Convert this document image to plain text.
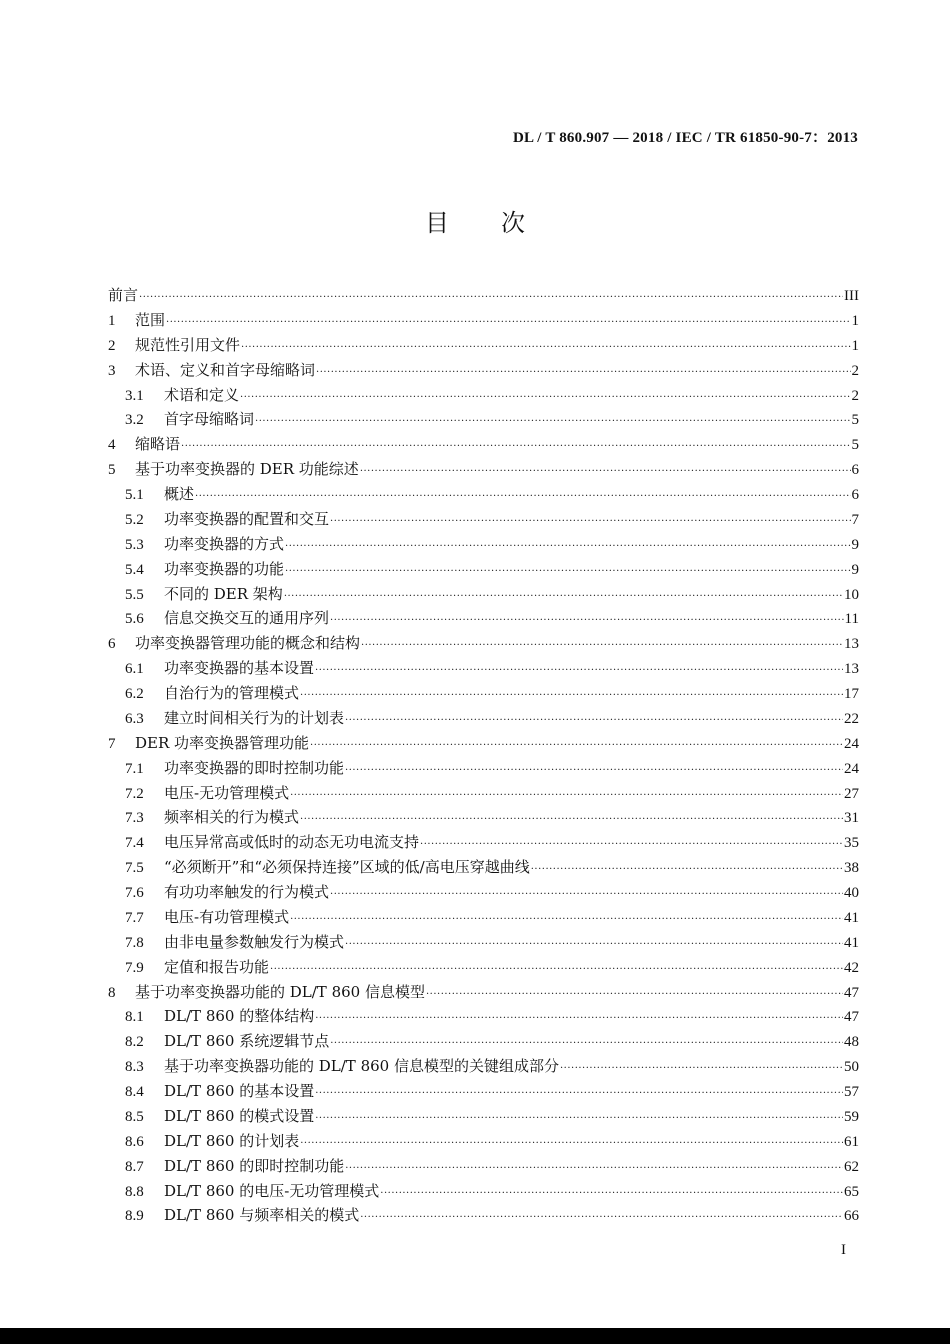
DL / T 860.907 — 2018 / IEC / TR 61850-90-7：2013
目次
前言 ·····	III
1	范围 ·····	1
2	规范性引用文件 ·····	1
3	术语、定义和首字母缩略词 ·····	2
3.1	术语和定义 ·····	2
3.2	首字母缩略词 ·····	5
4	缩略语 ·····	5
5	基于功率变换器的 DER 功能综述 ·····	6
5.1	概述 ·····	6
5.2	功率变换器的配置和交互 ·····	7
5.3	功率变换器的方式 ·····	9
5.4	功率变换器的功能 ·····	9
5.5	不同的 DER 架构 ·····	10
5.6	信息交换交互的通用序列 ·····	11
6	功率变换器管理功能的概念和结构 ·····	13
6.1	功率变换器的基本设置 ·····	13
6.2	自治行为的管理模式 ·····	17
6.3	建立时间相关行为的计划表 ·····	22
7	DER 功率变换器管理功能 ·····	24
7.1	功率变换器的即时控制功能 ·····	24
7.2	电压-无功管理模式 ·····	27
7.3	频率相关的行为模式 ·····	31
7.4	电压异常高或低时的动态无功电流支持 ·····	35
7.5	“必须断开”和“必须保持连接”区域的低/高电压穿越曲线 ·····	38
7.6	有功功率触发的行为模式 ·····	40
7.7	电压-有功管理模式 ·····	41
7.8	由非电量参数触发行为模式 ·····	41
7.9	定值和报告功能 ·····	42
8	基于功率变换器功能的 DL/T 860 信息模型 ·····	47
8.1	DL/T 860 的整体结构 ·····	47
8.2	DL/T 860 系统逻辑节点 ·····	48
8.3	基于功率变换器功能的 DL/T 860 信息模型的关键组成部分 ·····	50
8.4	DL/T 860 的基本设置 ·····	57
8.5	DL/T 860 的模式设置 ·····	59
8.6	DL/T 860 的计划表 ·····	61
8.7	DL/T 860 的即时控制功能 ·····	62
8.8	DL/T 860 的电压-无功管理模式 ·····	65
8.9	DL/T 860 与频率相关的模式 ·····	66
I
